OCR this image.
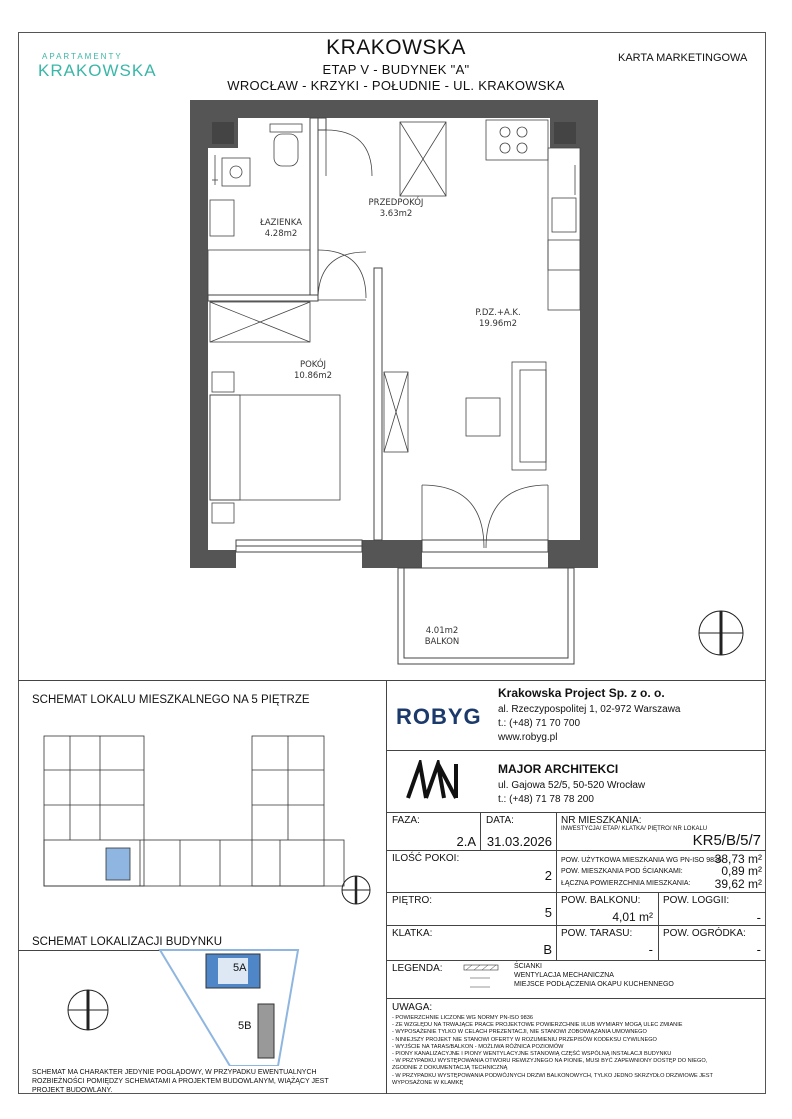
APARTAMENTY
KRAKOWSKA
KRAKOWSKA
ETAP V - BUDYNEK "A"
WROCŁAW - KRZYKI - POŁUDNIE - UL. KRAKOWSKA
KARTA MARKETINGOWA
ŁAZIENKA
4.28m2
PRZEDPOKÓJ
3.63m2
P.DZ.+A.K.
19.96m2
POKÓJ
10.86m2
4.01m2
BALKON
SCHEMAT LOKALU MIESZKALNEGO NA 5 PIĘTRZE
SCHEMAT LOKALIZACJI BUDYNKU
5A
5B
SCHEMAT MA CHARAKTER JEDYNIE POGLĄDOWY, W PRZYPADKU EWENTUALNYCH ROZBIEŻNOŚCI POMIĘDZY SCHEMATAMI A PROJEKTEM BUDOWLANYM, WIĄŻĄCY JEST PROJEKT BUDOWLANY.
ROBYG
Krakowska Project Sp. z o. o.
al. Rzeczypospolitej 1, 02-972 Warszawa
t.: (+48) 71 70 700
www.robyg.pl
MAJOR ARCHITEKCI
ul. Gajowa 52/5, 50-520 Wrocław
t.: (+48) 71 78 78 200
FAZA:
2.A
DATA:
31.03.2026
NR MIESZKANIA:
INWESTYCJA/ ETAP/ KLATKA/ PIĘTRO/ NR LOKALU
KR5/B/5/7
ILOŚĆ POKOI:
2
POW. UŻYTKOWA MIESZKANIA WG PN-ISO 9836:
38,73 m²
POW. MIESZKANIA POD ŚCIANKAMI:	0,89 m²
ŁĄCZNA POWIERZCHNIA MIESZKANIA:	39,62 m²
PIĘTRO:
5
POW. BALKONU:
4,01 m²
POW. LOGGII:
-
KLATKA:
B
POW. TARASU:
-
POW. OGRÓDKA:
-
LEGENDA:	ŚCIANKI
WENTYLACJA MECHANICZNA
MIEJSCE PODŁĄCZENIA OKAPU KUCHENNEGO
UWAGA:
- POWIERZCHNIE LICZONE WG NORMY PN-ISO 9836
- ZE WZGLĘDU NA TRWAJĄCE PRACE PROJEKTOWE POWIERZCHNIE I/LUB WYMIARY MOGĄ ULEC ZMIANIE
- WYPOSAŻENIE TYLKO W CELACH PREZENTACJI, NIE STANOWI ZOBOWIĄZANIA UMOWNEGO
- NINIEJSZY PROJEKT NIE STANOWI OFERTY W ROZUMIENIU PRZEPISÓW KODEKSU CYWILNEGO
- WYJŚCIE NA TARAS/BALKON - MOŻLIWA RÓŻNICA POZIOMÓW
- PIONY KANALIZACYJNE I PIONY WENTYLACYJNE STANOWIĄ CZĘŚĆ WSPÓLNĄ INSTALACJI BUDYNKU
- W PRZYPADKU WYSTĘPOWANIA OTWORU REWIZYJNEGO NA PIONIE, MUSI BYĆ ZAPEWNIONY DOSTĘP DO NIEGO, ZGODNIE Z DOKUMENTACJĄ TECHNICZNĄ
- W PRZYPADKU WYSTĘPOWANIA PODWÓJNYCH DRZWI BALKONOWYCH, TYLKO JEDNO SKRZYDŁO DRZWIOWE JEST WYPOSAŻONE W KLAMKĘ
